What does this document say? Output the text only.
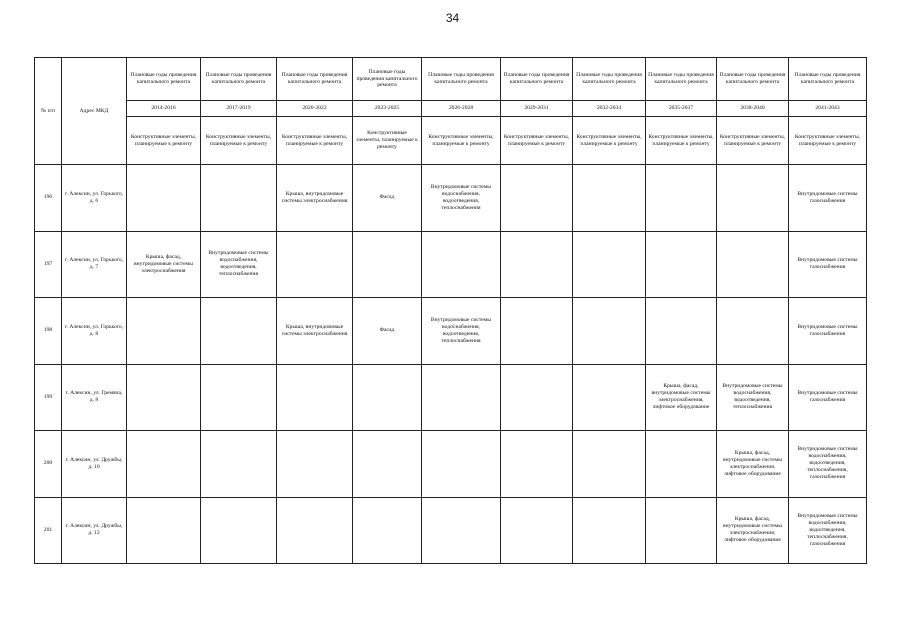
34
№ п/п	Адрес МКД	Плановые годы проведения капитального ремонта	Плановые годы проведения капитального ремонта	Плановые годы проведения капитального ремонта	Плановые годы проведения капитального ремонта	Плановые годы проведения капитального ремонта	Плановые годы проведения капитального ремонта	Плановые годы проведения капитального ремонта	Плановые годы проведения капитального ремонта	Плановые годы проведения капитального ремонта	Плановые годы проведения капитального ремонта
		2014-2016	2017-2019	2020-2022	2023-2025	2026-2028	2029-2031	2032-2034	2035-2037	2038-2040	2041-2043
		Конструктивные элементы, планируемые к ремонту	Конструктивные элементы, планируемые к ремонту	Конструктивные элементы, планируемые к ремонту	Конструктивные элементы, планируемые к ремонту	Конструктивные элементы, планируемые к ремонту	Конструктивные элементы, планируемые к ремонту	Конструктивные элементы, планируемые к ремонту	Конструктивные элементы, планируемые к ремонту	Конструктивные элементы, планируемые к ремонту	Конструктивные элементы, планируемые к ремонту
196	г. Алексин, ул. Горького, д. 6			Крыша, внутридомовые системы электроснабжения	Фасад	Внутридомовые системы водоснабжения, водоотведения, теплоснабжения					Внутридомовые системы газоснабжения
197	г. Алексин, ул. Горького, д. 7	Крыша, фасад, внутридомовые системы электроснабжения	Внутридомовые системы водоснабжения, водоотведения, теплоснабжения								Внутридомовые системы газоснабжения
198	г. Алексин, ул. Горького, д. 8			Крыша, внутридомовые системы электроснабжения	Фасад	Внутридомовые системы водоснабжения, водоотведения, теплоснабжения					Внутридомовые системы газоснабжения
199	г. Алексин, ул. Гремяча, д. 8								Крыша, фасад, внутридомовые системы электроснабжения, лифтовое оборудование	Внутридомовые системы водоснабжения, водоотведения, теплоснабжения	Внутридомовые системы газоснабжения
200	г. Алексин, ул. Дружбы, д. 10									Крыша, фасад, внутридомовые системы электроснабжения, лифтовое оборудование	Внутридомовые системы водоснабжения, водоотведения, теплоснабжения, газоснабжения
201	г. Алексин, ул. Дружбы, д. 12									Крыша, фасад, внутридомовые системы электроснабжения, лифтовое оборудование	Внутридомовые системы водоснабжения, водоотведения, теплоснабжения, газоснабжения
